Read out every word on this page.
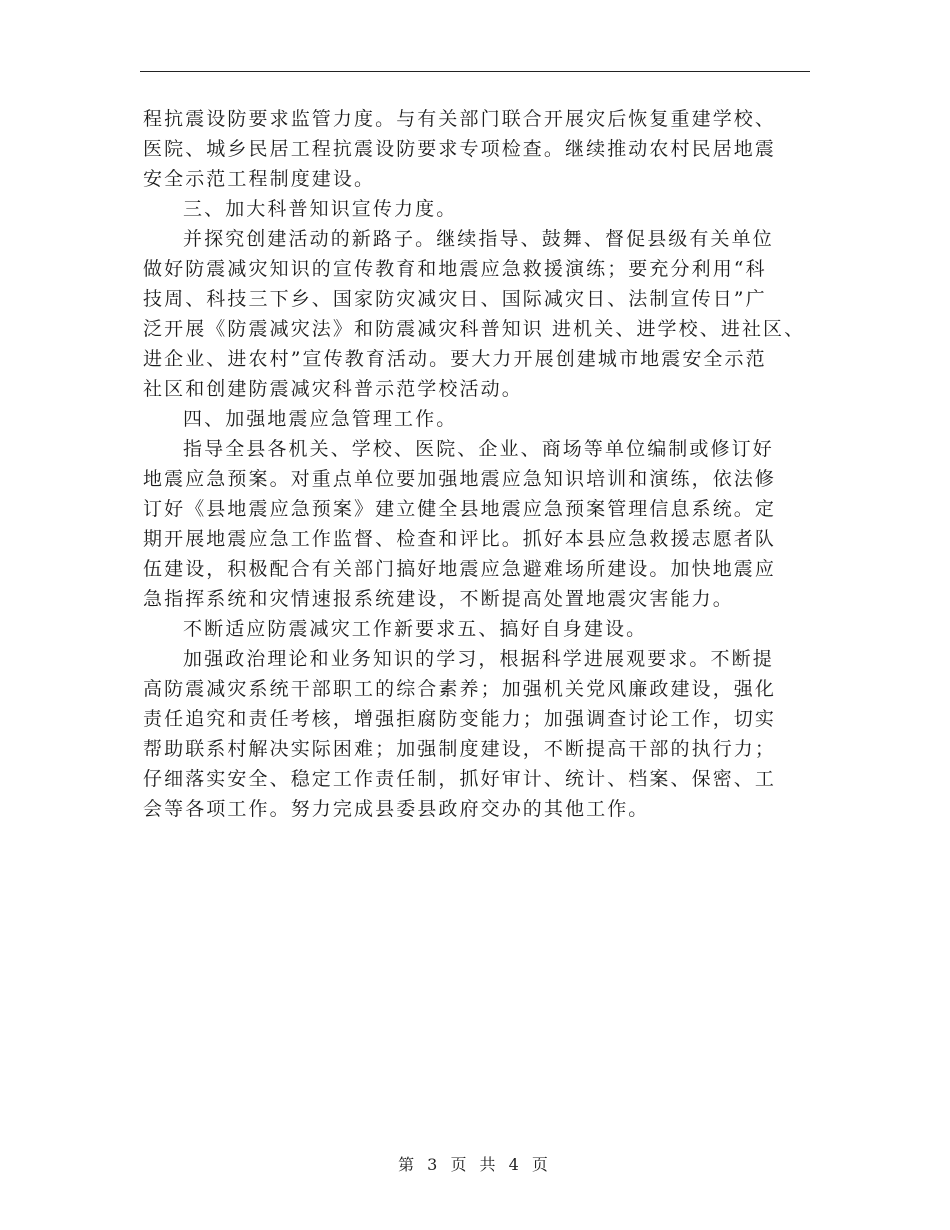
程抗震设防要求监管力度。与有关部门联合开展灾后恢复重建学校、
医院、城乡民居工程抗震设防要求专项检查。继续推动农村民居地震
安全示范工程制度建设。
三、加大科普知识宣传力度。
并探究创建活动的新路子。继续指导、鼓舞、督促县级有关单位
做好防震减灾知识的宣传教育和地震应急救援演练；要充分利用“科
技周、科技三下乡、国家防灾减灾日、国际减灾日、法制宣传日”广
泛开展《防震减灾法》和防震减灾科普知识 进机关、进学校、进社区、
进企业、进农村”宣传教育活动。要大力开展创建城市地震安全示范
社区和创建防震减灾科普示范学校活动。
四、加强地震应急管理工作。
指导全县各机关、学校、医院、企业、商场等单位编制或修订好
地震应急预案。对重点单位要加强地震应急知识培训和演练，依法修
订好《县地震应急预案》建立健全县地震应急预案管理信息系统。定
期开展地震应急工作监督、检查和评比。抓好本县应急救援志愿者队
伍建设，积极配合有关部门搞好地震应急避难场所建设。加快地震应
急指挥系统和灾情速报系统建设，不断提高处置地震灾害能力。
不断适应防震减灾工作新要求五、搞好自身建设。
加强政治理论和业务知识的学习，根据科学进展观要求。不断提
高防震减灾系统干部职工的综合素养；加强机关党风廉政建设，强化
责任追究和责任考核，增强拒腐防变能力；加强调查讨论工作，切实
帮助联系村解决实际困难；加强制度建设，不断提高干部的执行力；
仔细落实安全、稳定工作责任制，抓好审计、统计、档案、保密、工
会等各项工作。努力完成县委县政府交办的其他工作。
第 3 页 共 4 页
